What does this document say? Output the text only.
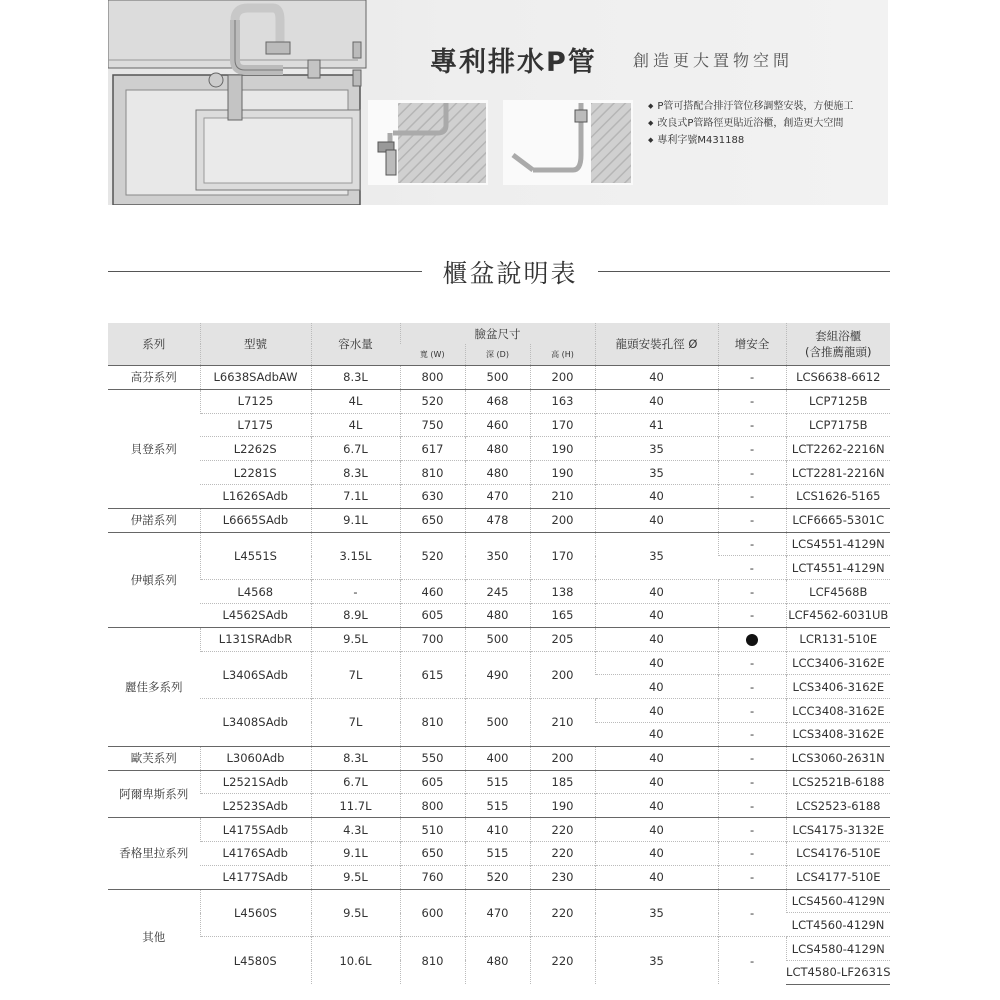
專利排水P管 創造更大置物空間
◆ P管可搭配合排汙管位移調整安裝，方便施工
◆ 改良式P管路徑更貼近浴櫃，創造更大空間
◆ 專利字號M431188
櫃盆說明表
系列	型號	容水量	臉盆尺寸			龍頭安裝孔徑 Ø	增安全	套組浴櫃
(含推薦龍頭)

			寬 (W)	深 (D)	高 (H)			
高芬系列	L6638SAdbAW	8.3L	800	500	200	40	-	LCS6638-6612
貝登系列	L7125	4L	520	468	163	40	-	LCP7125B
	L7175	4L	750	460	170	41	-	LCP7175B
	L2262S	6.7L	617	480	190	35	-	LCT2262-2216N
	L2281S	8.3L	810	480	190	35	-	LCT2281-2216N
	L1626SAdb	7.1L	630	470	210	40	-	LCS1626-5165
伊諾系列	L6665SAdb	9.1L	650	478	200	40	-	LCF6665-5301C
伊頓系列	L4551S	3.15L	520	350	170	35	-	LCS4551-4129N
							-	LCT4551-4129N
	L4568	-	460	245	138	40	-	LCF4568B
	L4562SAdb	8.9L	605	480	165	40	-	LCF4562-6031UB
麗佳多系列	L131SRAdbR	9.5L	700	500	205	40		LCR131-510E
	L3406SAdb	7L	615	490	200	40	-	LCC3406-3162E
						40	-	LCS3406-3162E
	L3408SAdb	7L	810	500	210	40	-	LCC3408-3162E
						40	-	LCS3408-3162E
歐芙系列	L3060Adb	8.3L	550	400	200	40	-	LCS3060-2631N
阿爾卑斯系列	L2521SAdb	6.7L	605	515	185	40	-	LCS2521B-6188
	L2523SAdb	11.7L	800	515	190	40	-	LCS2523-6188
香格里拉系列	L4175SAdb	4.3L	510	410	220	40	-	LCS4175-3132E
	L4176SAdb	9.1L	650	515	220	40	-	LCS4176-510E
	L4177SAdb	9.5L	760	520	230	40	-	LCS4177-510E
其他	L4560S	9.5L	600	470	220	35	-	LCS4560-4129N
								LCT4560-4129N
	L4580S	10.6L	810	480	220	35	-	LCS4580-4129N
								LCT4580-LF2631S
